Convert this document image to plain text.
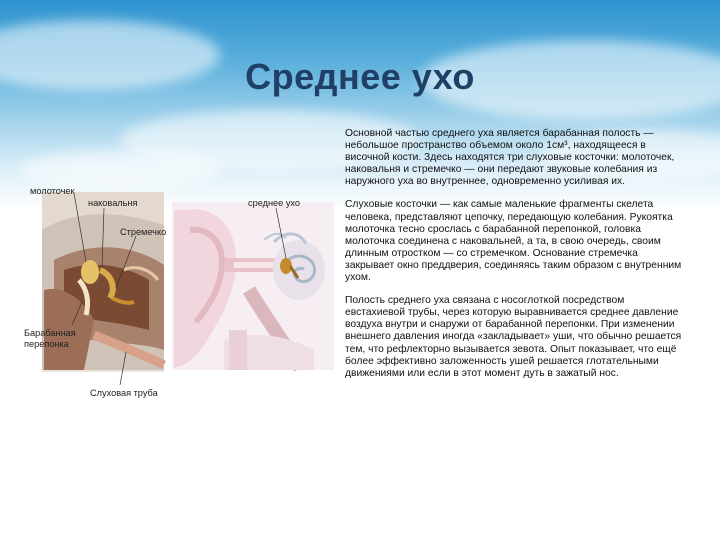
Среднее ухо
молоточек
наковальня
Стремечко
среднее ухо
Барабанная
перепонка
Слуховая труба

Основной частью среднего уха является барабанная полость — небольшое пространство объемом около 1см³, находящееся в височной кости. Здесь находятся три слуховые косточки: молоточек, наковальня и стремечко — они передают звуковые колебания из наружного уха во внутреннее, одновременно усиливая их.

Слуховые косточки — как самые маленькие фрагменты скелета человека, представляют цепочку, передающую колебания. Рукоятка молоточка тесно срослась с барабанной перепонкой, головка молоточка соединена с наковальней, а та, в свою очередь, своим длинным отростком — со стремечком. Основание стремечка закрывает окно преддверия, соединяясь таким образом с внутренним ухом.

Полость среднего уха связана с носоглоткой посредством евстахиевой трубы, через которую выравнивается среднее давление воздуха внутри и снаружи от барабанной перепонки. При изменении внешнего давления иногда «закладывает» уши, что обычно решается тем, что рефлекторно вызывается зевота. Опыт показывает, что ещё более эффективно заложенность ушей решается глотательными движениями или если в этот момент дуть в зажатый нос.
